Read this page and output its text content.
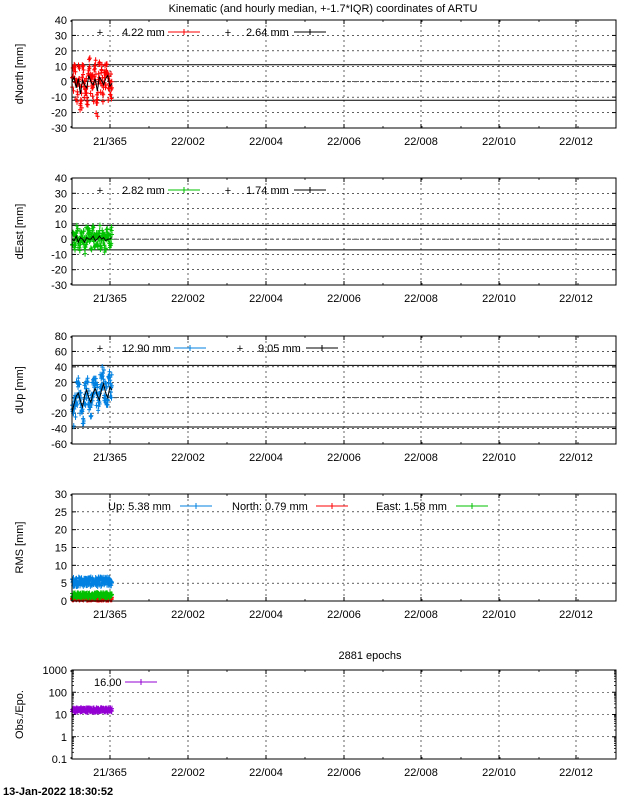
Kinematic (and hourly median, +-1.7*IQR) coordinates of ARTU
40
30
20
10
0
-10
-20
-30
21/365	22/002	22/004	22/006	22/008	22/010	22/012
+ 4.22 mm	+ 2.64 mm
dNorth [mm]
40
30
20
10
0
-10
-20
-30
21/365	22/002	22/004	22/006	22/008	22/010	22/012
+ 2.82 mm	+ 1.74 mm
dEast [mm]
80
60
40
20
0
-20
-40
-60
21/365	22/002	22/004	22/006	22/008	22/010	22/012
+ 12.90 mm	+ 9.05 mm
dUp [mm]
30
25
20
15
10
5
0
21/365	22/002	22/004	22/006	22/008	22/010	22/012
Up: 5.38 mm	North: 0.79 mm	East: 1.58 mm
RMS [mm]
1000
100
10
1
0.1
21/365	22/002	22/004	22/006	22/008	22/010	22/012
16.00
2881 epochs
Obs./Epo.
13-Jan-2022 18:30:52
